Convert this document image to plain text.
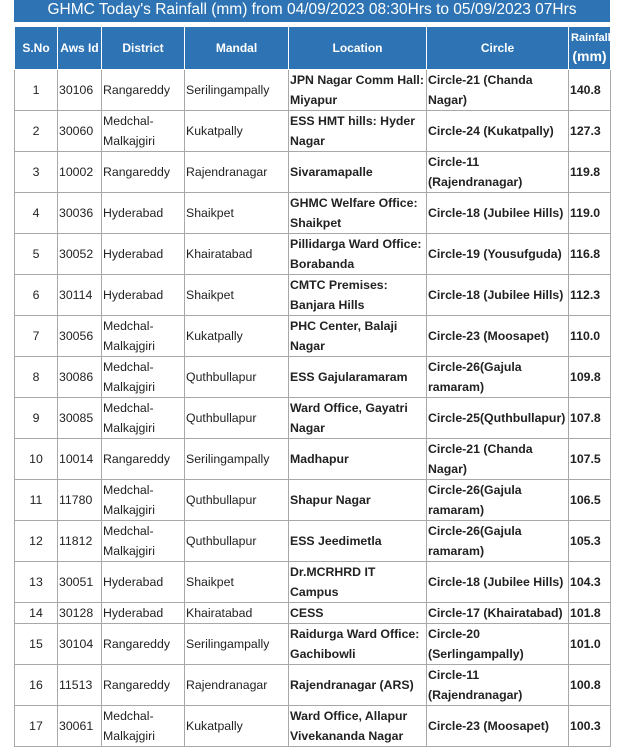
GHMC Today's Rainfall (mm) from 04/09/2023 08:30Hrs to 05/09/2023 07Hrs
S.No	Aws Id	District	Mandal	Location	Circle	Rainfall
(mm)

1	30106	Rangareddy	Serilingampally	JPN Nagar Comm Hall: Miyapur	Circle-21 (Chanda Nagar)	140.8
2	30060	Medchal-Malkajgiri	Kukatpally	ESS HMT hills: Hyder Nagar	Circle-24 (Kukatpally)	127.3
3	10002	Rangareddy	Rajendranagar	Sivaramapalle	Circle-11 (Rajendranagar)	119.8
4	30036	Hyderabad	Shaikpet	GHMC Welfare Office: Shaikpet	Circle-18 (Jubilee Hills)	119.0
5	30052	Hyderabad	Khairatabad	Pillidarga Ward Office: Borabanda	Circle-19 (Yousufguda)	116.8
6	30114	Hyderabad	Shaikpet	CMTC Premises: Banjara Hills	Circle-18 (Jubilee Hills)	112.3
7	30056	Medchal-Malkajgiri	Kukatpally	PHC Center, Balaji Nagar	Circle-23 (Moosapet)	110.0
8	30086	Medchal-Malkajgiri	Quthbullapur	ESS Gajularamaram	Circle-26(Gajula ramaram)	109.8
9	30085	Medchal-Malkajgiri	Quthbullapur	Ward Office, Gayatri Nagar	Circle-25(Quthbullapur)	107.8
10	10014	Rangareddy	Serilingampally	Madhapur	Circle-21 (Chanda Nagar)	107.5
11	11780	Medchal-Malkajgiri	Quthbullapur	Shapur Nagar	Circle-26(Gajula ramaram)	106.5
12	11812	Medchal-Malkajgiri	Quthbullapur	ESS Jeedimetla	Circle-26(Gajula ramaram)	105.3
13	30051	Hyderabad	Shaikpet	Dr.MCRHRD IT Campus	Circle-18 (Jubilee Hills)	104.3
14	30128	Hyderabad	Khairatabad	CESS	Circle-17 (Khairatabad)	101.8
15	30104	Rangareddy	Serilingampally	Raidurga Ward Office: Gachibowli	Circle-20 (Serlingampally)	101.0
16	11513	Rangareddy	Rajendranagar	Rajendranagar (ARS)	Circle-11 (Rajendranagar)	100.8
17	30061	Medchal-Malkajgiri	Kukatpally	Ward Office, Allapur Vivekananda Nagar	Circle-23 (Moosapet)	100.3
